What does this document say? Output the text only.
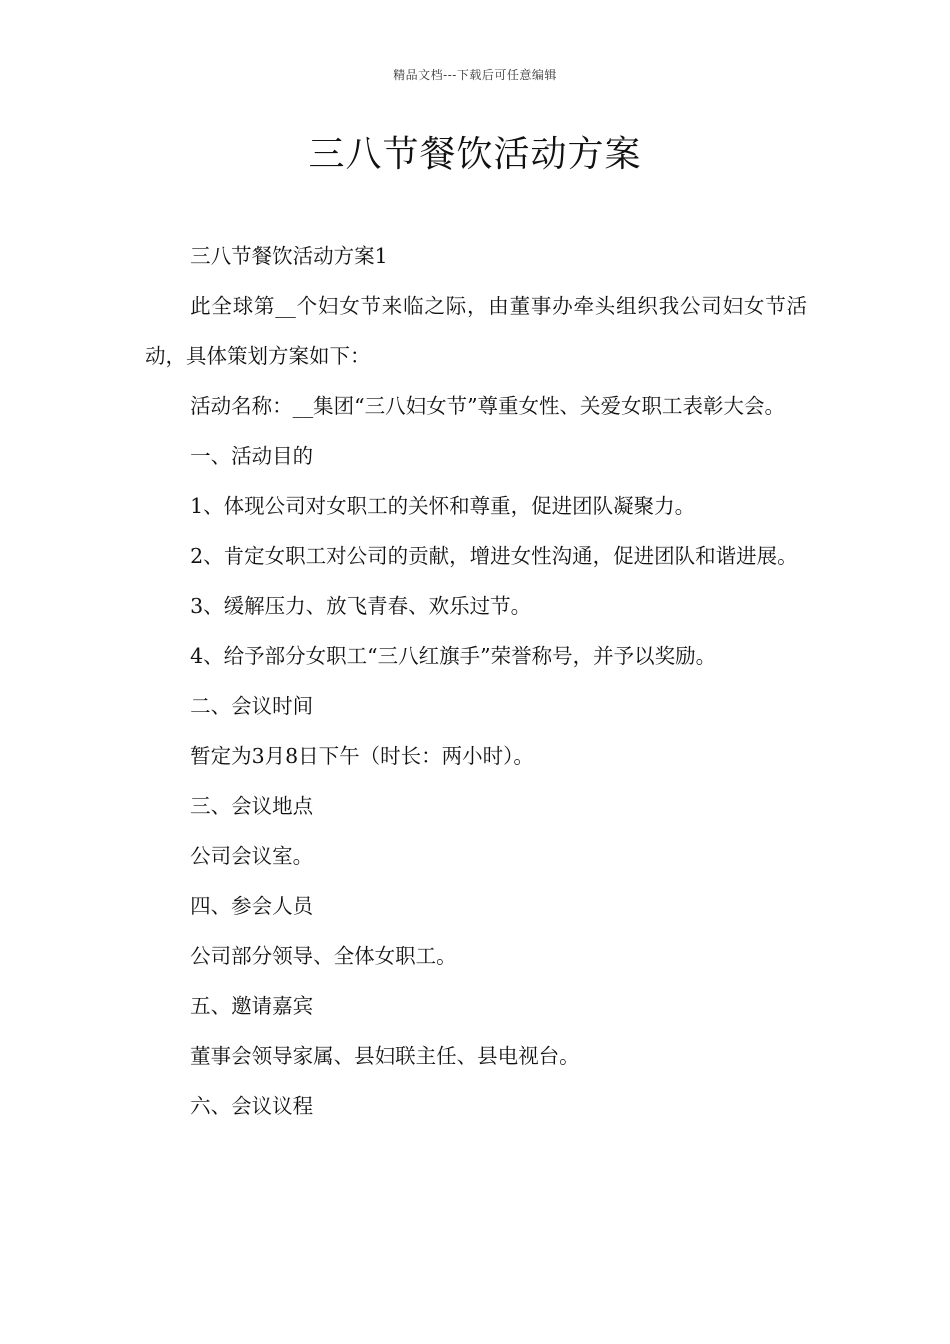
精品文档---下载后可任意编辑
三八节餐饮活动方案

三八节餐饮活动方案1

此全球第__个妇女节来临之际，由董事办牵头组织我公司妇女节活动，具体策划方案如下：

活动名称：__集团“三八妇女节”尊重女性、关爱女职工表彰大会。

一、活动目的

1、体现公司对女职工的关怀和尊重，促进团队凝聚力。

2、肯定女职工对公司的贡献，增进女性沟通，促进团队和谐进展。

3、缓解压力、放飞青春、欢乐过节。

4、给予部分女职工“三八红旗手”荣誉称号，并予以奖励。

二、会议时间

暂定为3月8日下午（时长：两小时）。

三、会议地点

公司会议室。

四、参会人员

公司部分领导、全体女职工。

五、邀请嘉宾

董事会领导家属、县妇联主任、县电视台。

六、会议议程
